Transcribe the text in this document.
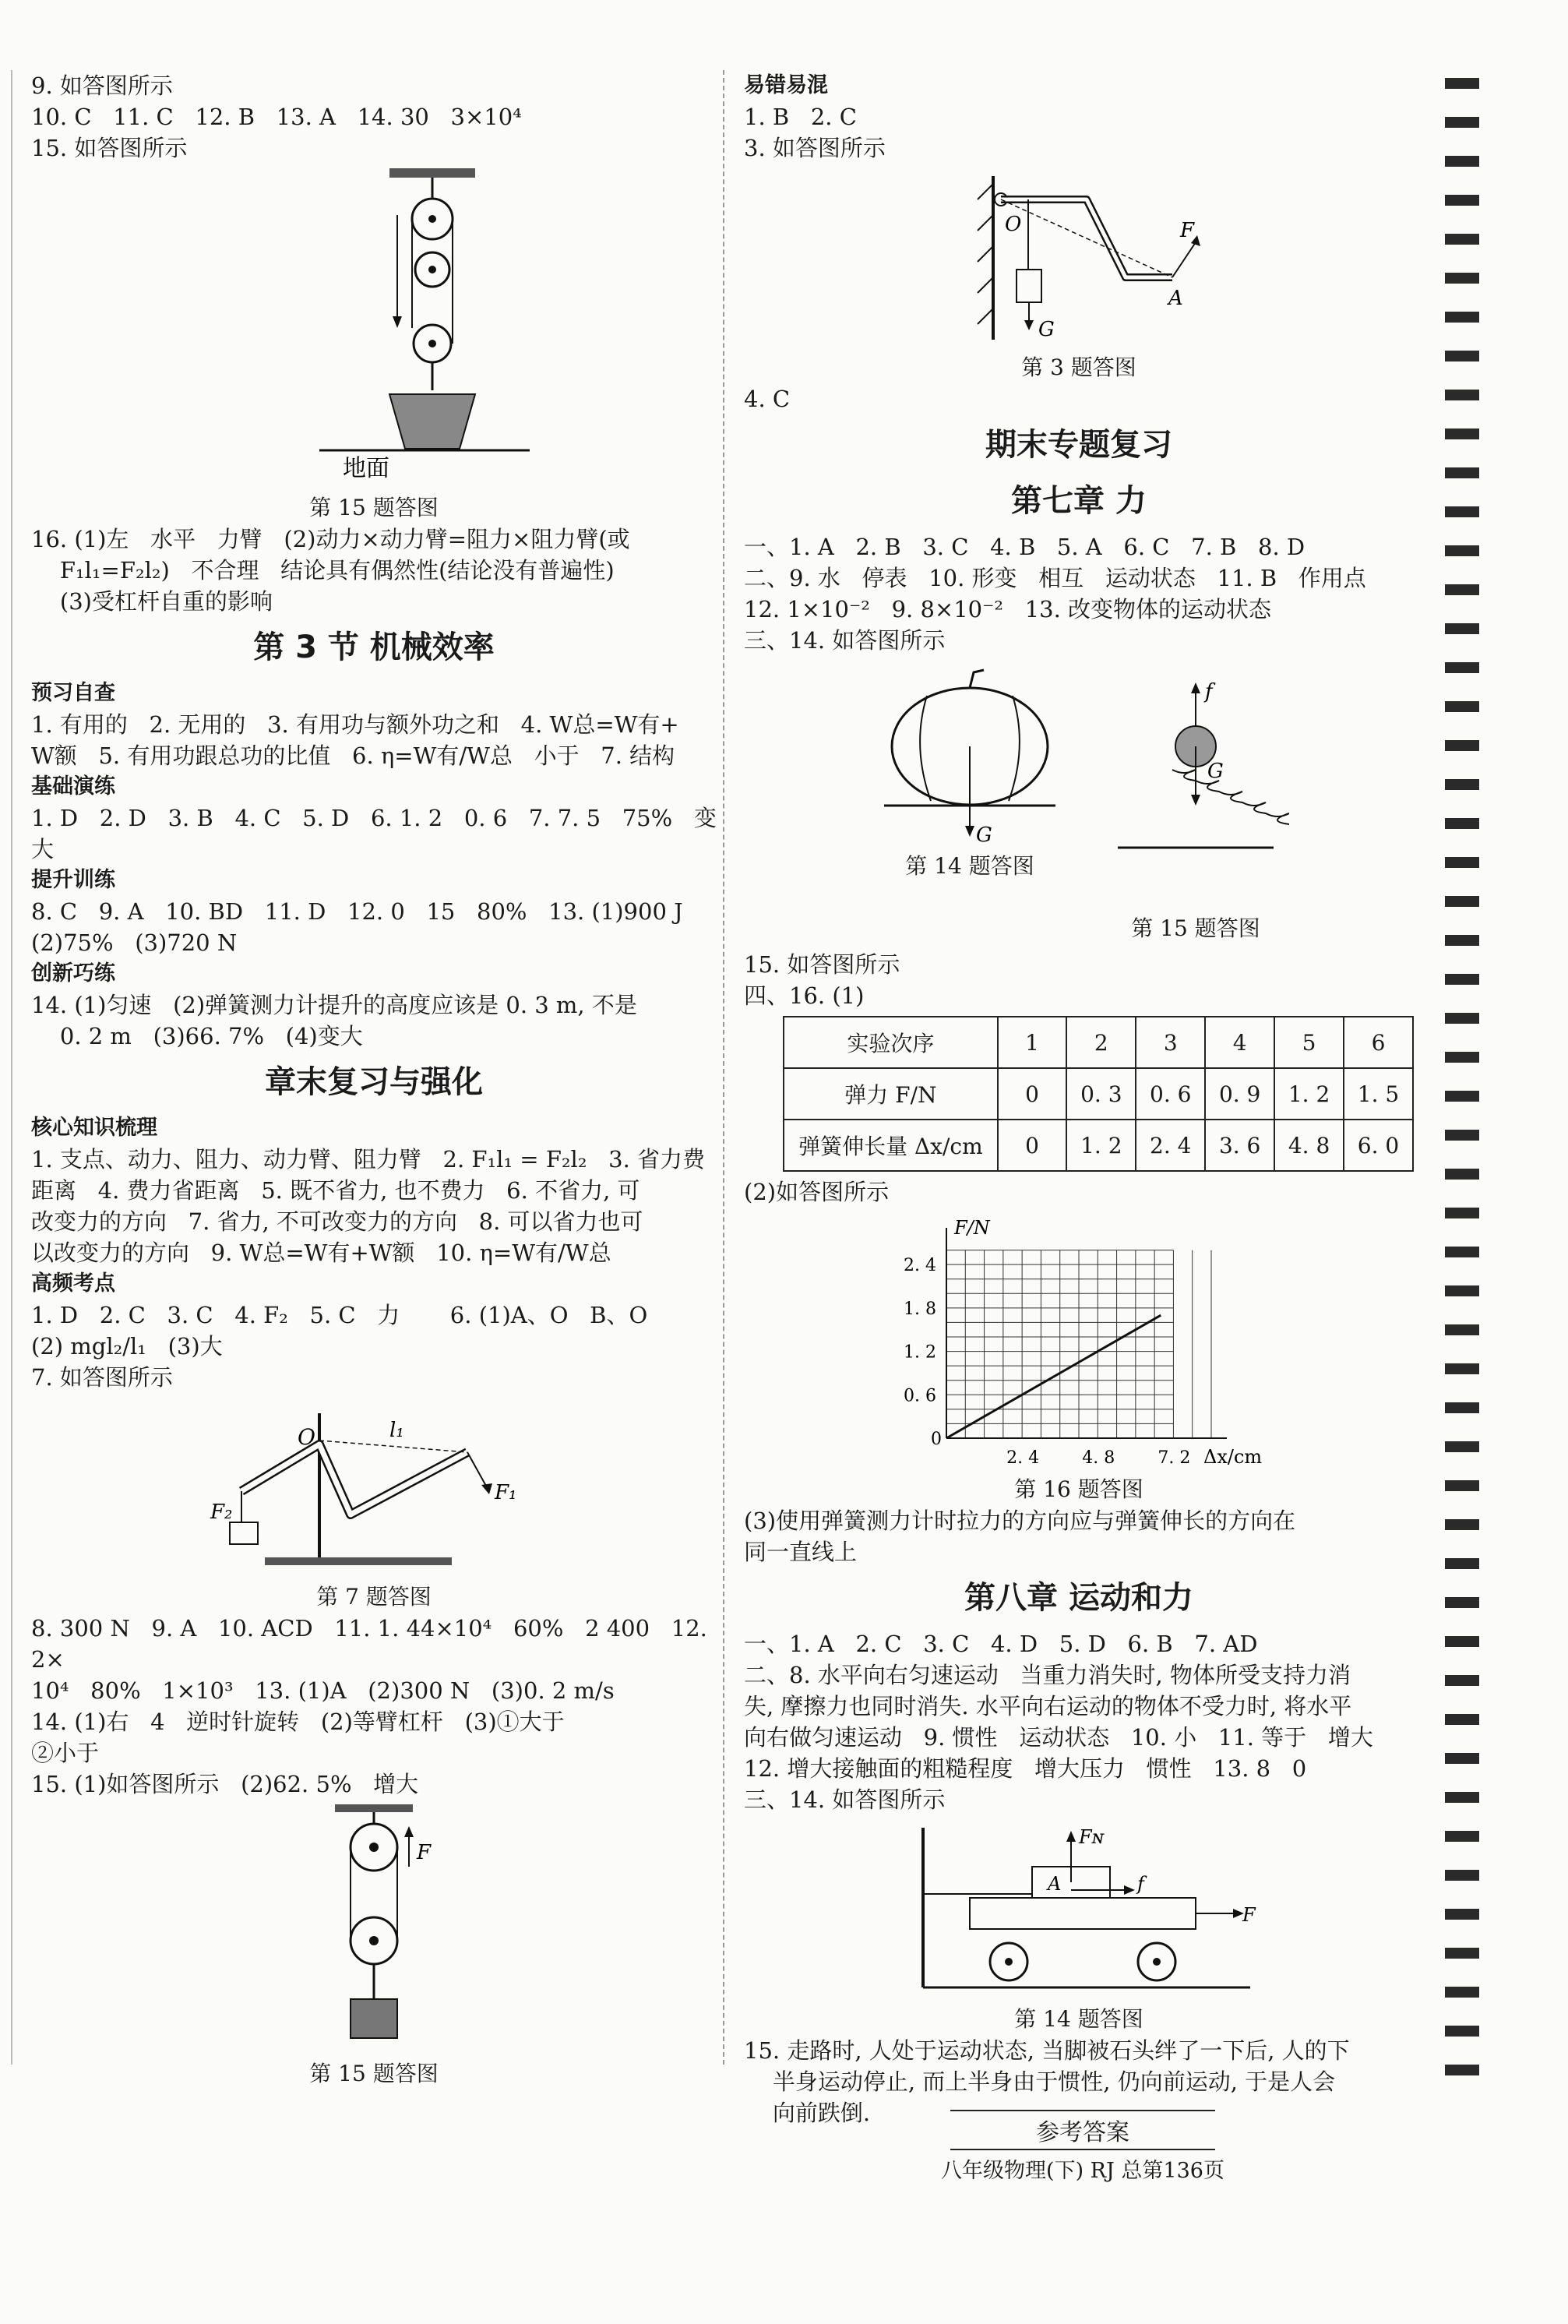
9. 如答图所示

10. C   11. C   12. B   13. A   14. 30   3×10⁴

15. 如答图所示

地面
第 15 题答图

16. (1)左   水平   力臂   (2)动力×动力臂=阻力×阻力臂(或

F₁l₁=F₂l₂)   不合理   结论具有偶然性(结论没有普遍性)

(3)受杠杆自重的影响

第 3 节 机械效率

预习自查

1. 有用的   2. 无用的   3. 有用功与额外功之和   4. W总=W有+

W额   5. 有用功跟总功的比值   6. η=W有/W总   小于   7. 结构

基础演练

1. D   2. D   3. B   4. C   5. D   6. 1. 2   0. 6   7. 7. 5   75%   变大

提升训练

8. C   9. A   10. BD   11. D   12. 0   15   80%   13. (1)900 J

(2)75%   (3)720 N

创新巧练

14. (1)匀速   (2)弹簧测力计提升的高度应该是 0. 3 m, 不是

0. 2 m   (3)66. 7%   (4)变大

章末复习与强化

核心知识梳理

1. 支点、动力、阻力、动力臂、阻力臂   2. F₁l₁ = F₂l₂   3. 省力费

距离   4. 费力省距离   5. 既不省力, 也不费力   6. 不省力, 可

改变力的方向   7. 省力, 不可改变力的方向   8. 可以省力也可

以改变力的方向   9. W总=W有+W额   10. η=W有/W总

高频考点

1. D   2. C   3. C   4. F₂   5. C   力       6. (1)A、O   B、O

(2) mgl₂/l₁   (3)大

7. 如答图所示

O	l₁
F₁
F₂
第 7 题答图

8. 300 N   9. A   10. ACD   11. 1. 44×10⁴   60%   2 400   12. 2×

10⁴   80%   1×10³   13. (1)A   (2)300 N   (3)0. 2 m/s

14. (1)右   4   逆时针旋转   (2)等臂杠杆   (3)①大于

②小于

15. (1)如答图所示   (2)62. 5%   增大

F
第 15 题答图

易错易混

1. B   2. C

3. 如答图所示

O	F
A
G
第 3 题答图

4. C

期末专题复习
第七章 力

一、1. A   2. B   3. C   4. B   5. A   6. C   7. B   8. D

二、9. 水   停表   10. 形变   相互   运动状态   11. B   作用点

12. 1×10⁻²   9. 8×10⁻²   13. 改变物体的运动状态

三、14. 如答图所示

G
第 14 题答图
f
G
第 15 题答图

15. 如答图所示

四、16. (1)

实验次序	1	2	3	4	5	6
弹力 F/N	0	0. 3	0. 6	0. 9	1. 2	1. 5
弹簧伸长量 Δx/cm	0	1. 2	2. 4	3. 6	4. 8	6. 0

(2)如答图所示

F/N
Δx/cm
0
2. 4	4. 8	7. 2
0. 6
1. 2
1. 8
2. 4
第 16 题答图

(3)使用弹簧测力计时拉力的方向应与弹簧伸长的方向在

同一直线上

第八章 运动和力

一、1. A   2. C   3. C   4. D   5. D   6. B   7. AD

二、8. 水平向右匀速运动   当重力消失时, 物体所受支持力消

失, 摩擦力也同时消失. 水平向右运动的物体不受力时, 将水平

向右做匀速运动   9. 惯性   运动状态   10. 小   11. 等于   增大

12. 增大接触面的粗糙程度   增大压力   惯性   13. 8   0

三、14. 如答图所示

Fɴ
A	f
F
第 14 题答图

15. 走路时, 人处于运动状态, 当脚被石头绊了一下后, 人的下

半身运动停止, 而上半身由于惯性, 仍向前运动, 于是人会

向前跌倒.

参考答案
八年级物理(下) RJ 总第136页
